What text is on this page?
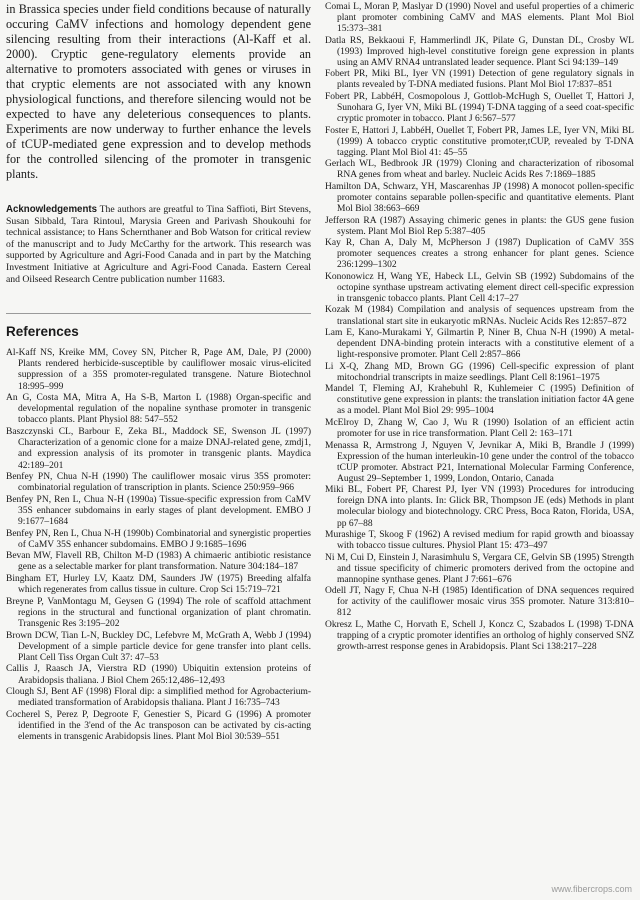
in Brassica species under field conditions because of naturally occuring CaMV infections and homology dependent gene silencing resulting from their interactions (Al-Kaff et al. 2000). Cryptic gene-regulatory elements provide an alternative to promoters associated with genes or viruses in that cryptic elements are not associated with any known physiological functions, and therefore silencing would not be expected to have any deleterious consequences to plants. Experiments are now underway to further enhance the levels of tCUP-mediated gene expression and to develop methods for the controlled silencing of the promoter in transgenic plants.

Acknowledgements The authors are greatful to Tina Saffioti, Birt Stevens, Susan Sibbald, Tara Rintoul, Marysia Green and Parivash Shoukouhi for technical assistance; to Hans Schernthaner and Bob Watson for critical review of the manuscript and to Judy McCarthy for the artwork. This research was supported by Agriculture and Agri-Food Canada and in part by the Matching Investment Initiative at Agriculture and Agri-Food Canada. Eastern Cereal and Oilseed Research Centre publication number 11683.

References
Al-Kaff NS, Kreike MM, Covey SN, Pitcher R, Page AM, Dale, PJ (2000) Plants rendered herbicide-susceptible by cauliflower mosaic virus-elicited suppression of a 35S promoter-regulated transgene. Nature Biotechnol 18:995–999
An G, Costa MA, Mitra A, Ha S-B, Marton L (1988) Organ-specific and developmental regulation of the nopaline synthase promoter in transgenic tobacco plants. Plant Physiol 88: 547–552
Baszczynski CL, Barbour E, Zeka BL, Maddock SE, Swenson JL (1997) Characterization of a genomic clone for a maize DNAJ-related gene, zmdj1, and expression analysis of its promoter in transgenic plants. Maydica 42:189–201
Benfey PN, Chua N-H (1990) The cauliflower mosaic virus 35S promoter: combinatorial regulation of transcription in plants. Science 250:959–966
Benfey PN, Ren L, Chua N-H (1990a) Tissue-specific expression from CaMV 35S enhancer subdomains in early stages of plant development. EMBO J 9:1677–1684
Benfey PN, Ren L, Chua N-H (1990b) Combinatorial and synergistic properties of CaMV 35S enhancer subdomains. EMBO J 9:1685–1696
Bevan MW, Flavell RB, Chilton M-D (1983) A chimaeric antibiotic resistance gene as a selectable marker for plant transformation. Nature 304:184–187
Bingham ET, Hurley LV, Kaatz DM, Saunders JW (1975) Breeding alfalfa which regenerates from callus tissue in culture. Crop Sci 15:719–721
Breyne P, VanMontagu M, Geysen G (1994) The role of scaffold attachment regions in the structural and functional organization of plant chromatin. Transgenic Res 3:195–202
Brown DCW, Tian L-N, Buckley DC, Lefebvre M, McGrath A, Webb J (1994) Development of a simple particle device for gene transfer into plant cells. Plant Cell Tiss Organ Cult 37: 47–53
Callis J, Raasch JA, Vierstra RD (1990) Ubiquitin extension proteins of Arabidopsis thaliana. J Biol Chem 265:12,486–12,493
Clough SJ, Bent AF (1998) Floral dip: a simplified method for Agrobacterium-mediated transformation of Arabidopsis thaliana. Plant J 16:735–743
Cocherel S, Perez P, Degroote F, Genestier S, Picard G (1996) A promoter identified in the 3'end of the Ac transposon can be activated by cis-acting elements in transgenic Arabidopsis lines. Plant Mol Biol 30:539–551
Comai L, Moran P, Maslyar D (1990) Novel and useful properties of a chimeric plant promoter combining CaMV and MAS elements. Plant Mol Biol 15:373–381
Datla RS, Bekkaoui F, Hammerlindl JK, Pilate G, Dunstan DL, Crosby WL (1993) Improved high-level constitutive foreign gene expression in plants using an AMV RNA4 untranslated leader sequence. Plant Sci 94:139–149
Fobert PR, Miki BL, Iyer VN (1991) Detection of gene regulatory signals in plants revealed by T-DNA mediated fusions. Plant Mol Biol 17:837–851
Fobert PR, LabbéH, Cosmopolous J, Gottlob-McHugh S, Ouellet T, Hattori J, Sunohara G, Iyer VN, Miki BL (1994) T-DNA tagging of a seed coat-specific cryptic promoter in tobacco. Plant J 6:567–577
Foster E, Hattori J, LabbéH, Ouellet T, Fobert PR, James LE, Iyer VN, Miki BL (1999) A tobacco cryptic constitutive promoter,tCUP, revealed by T-DNA tagging. Plant Mol Biol 41: 45–55
Gerlach WL, Bedbrook JR (1979) Cloning and characterization of ribosomal RNA genes from wheat and barley. Nucleic Acids Res 7:1869–1885
Hamilton DA, Schwarz, YH, Mascarenhas JP (1998) A monocot pollen-specific promoter contains separable pollen-specific and quantitative elements. Plant Mol Biol 38:663–669
Jefferson RA (1987) Assaying chimeric genes in plants: the GUS gene fusion system. Plant Mol Biol Rep 5:387–405
Kay R, Chan A, Daly M, McPherson J (1987) Duplication of CaMV 35S promoter sequences creates a strong enhancer for plant genes. Science 236:1299–1302
Kononowicz H, Wang YE, Habeck LL, Gelvin SB (1992) Subdomains of the octopine synthase upstream activating element direct cell-specific expression in transgenic tobacco plants. Plant Cell 4:17–27
Kozak M (1984) Compilation and analysis of sequences upstream from the translational start site in eukaryotic mRNAs. Nucleic Acids Res 12:857–872
Lam E, Kano-Murakami Y, Gilmartin P, Niner B, Chua N-H (1990) A metal-dependent DNA-binding protein interacts with a constitutive element of a light-responsive promoter. Plant Cell 2:857–866
Li X-Q, Zhang MD, Brown GG (1996) Cell-specific expression of plant mitochondrial transcripts in maize seedlings. Plant Cell 8:1961–1975
Mandel T, Fleming AJ, Krahebuhl R, Kuhlemeier C (1995) Definition of constitutive gene expression in plants: the translation initiation factor 4A gene as a model. Plant Mol Biol 29: 995–1004
McElroy D, Zhang W, Cao J, Wu R (1990) Isolation of an efficient actin promoter for use in rice transformation. Plant Cell 2: 163–171
Menassa R, Armstrong J, Nguyen V, Jevnikar A, Miki B, Brandle J (1999) Expression of the human interleukin-10 gene under the control of the tobacco tCUP promoter. Abstract P21, International Molecular Farming Conference, August 29–September 1, 1999, London, Ontario, Canada
Miki BL, Fobert PF, Charest PJ, Iyer VN (1993) Procedures for introducing foreign DNA into plants. In: Glick BR, Thompson JE (eds) Methods in plant molecular biology and biotechnology. CRC Press, Boca Raton, Florida, USA, pp 67–88
Murashige T, Skoog F (1962) A revised medium for rapid growth and bioassay with tobacco tissue cultures. Physiol Plant 15: 473–497
Ni M, Cui D, Einstein J, Narasimhulu S, Vergara CE, Gelvin SB (1995) Strength and tissue specificity of chimeric promoters derived from the octopine and mannopine synthase genes. Plant J 7:661–676
Odell JT, Nagy F, Chua N-H (1985) Identification of DNA sequences required for activity of the cauliflower mosaic virus 35S promoter. Nature 313:810–812
Okresz L, Mathe C, Horvath E, Schell J, Koncz C, Szabados L (1998) T-DNA trapping of a cryptic promoter identifies an ortholog of highly conserved SNZ growth-arrest response genes in Arabidopsis. Plant Sci 138:217–228
www.fibercrops.com
